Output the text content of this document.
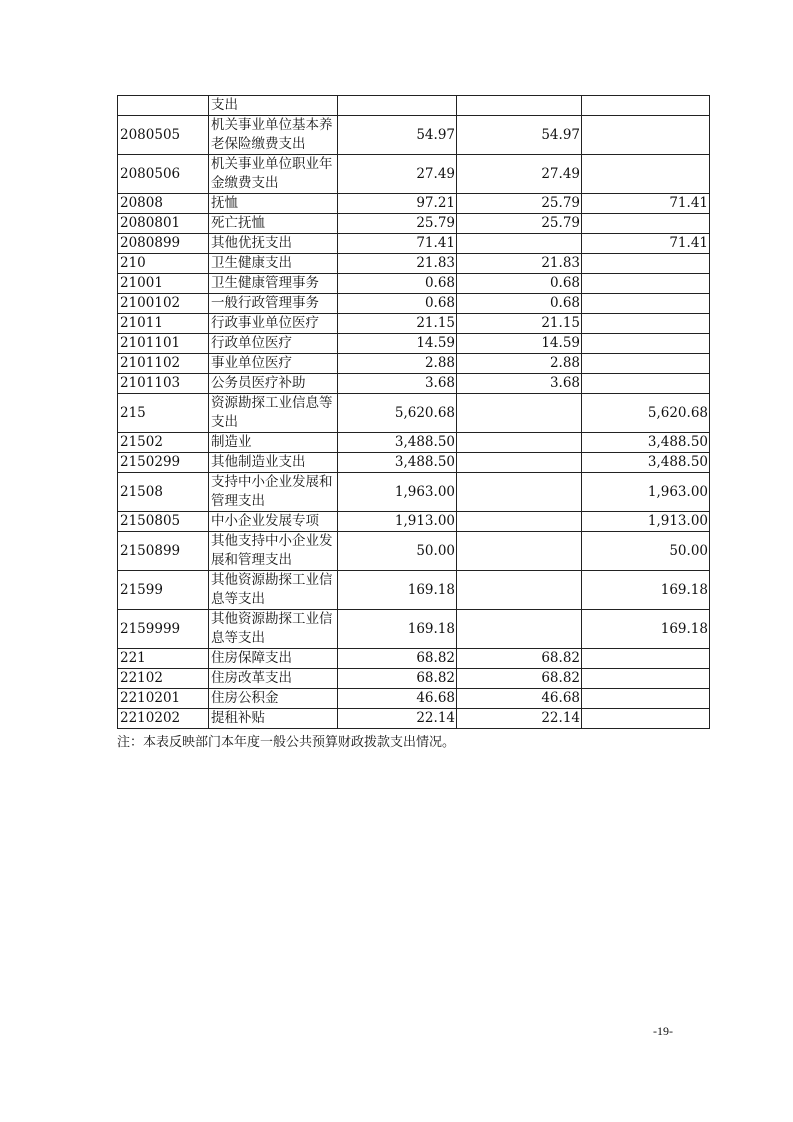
	支出			
2080505	机关事业单位基本养老保险缴费支出	54.97	54.97	
2080506	机关事业单位职业年金缴费支出	27.49	27.49	
20808	抚恤	97.21	25.79	71.41
2080801	死亡抚恤	25.79	25.79	
2080899	其他优抚支出	71.41		71.41
210	卫生健康支出	21.83	21.83	
21001	卫生健康管理事务	0.68	0.68	
2100102	一般行政管理事务	0.68	0.68	
21011	行政事业单位医疗	21.15	21.15	
2101101	行政单位医疗	14.59	14.59	
2101102	事业单位医疗	2.88	2.88	
2101103	公务员医疗补助	3.68	3.68	
215	资源勘探工业信息等支出	5,620.68		5,620.68
21502	制造业	3,488.50		3,488.50
2150299	其他制造业支出	3,488.50		3,488.50
21508	支持中小企业发展和管理支出	1,963.00		1,963.00
2150805	中小企业发展专项	1,913.00		1,913.00
2150899	其他支持中小企业发展和管理支出	50.00		50.00
21599	其他资源勘探工业信息等支出	169.18		169.18
2159999	其他资源勘探工业信息等支出	169.18		169.18
221	住房保障支出	68.82	68.82	
22102	住房改革支出	68.82	68.82	
2210201	住房公积金	46.68	46.68	
2210202	提租补贴	22.14	22.14	
注：本表反映部门本年度一般公共预算财政拨款支出情况。
-19-
